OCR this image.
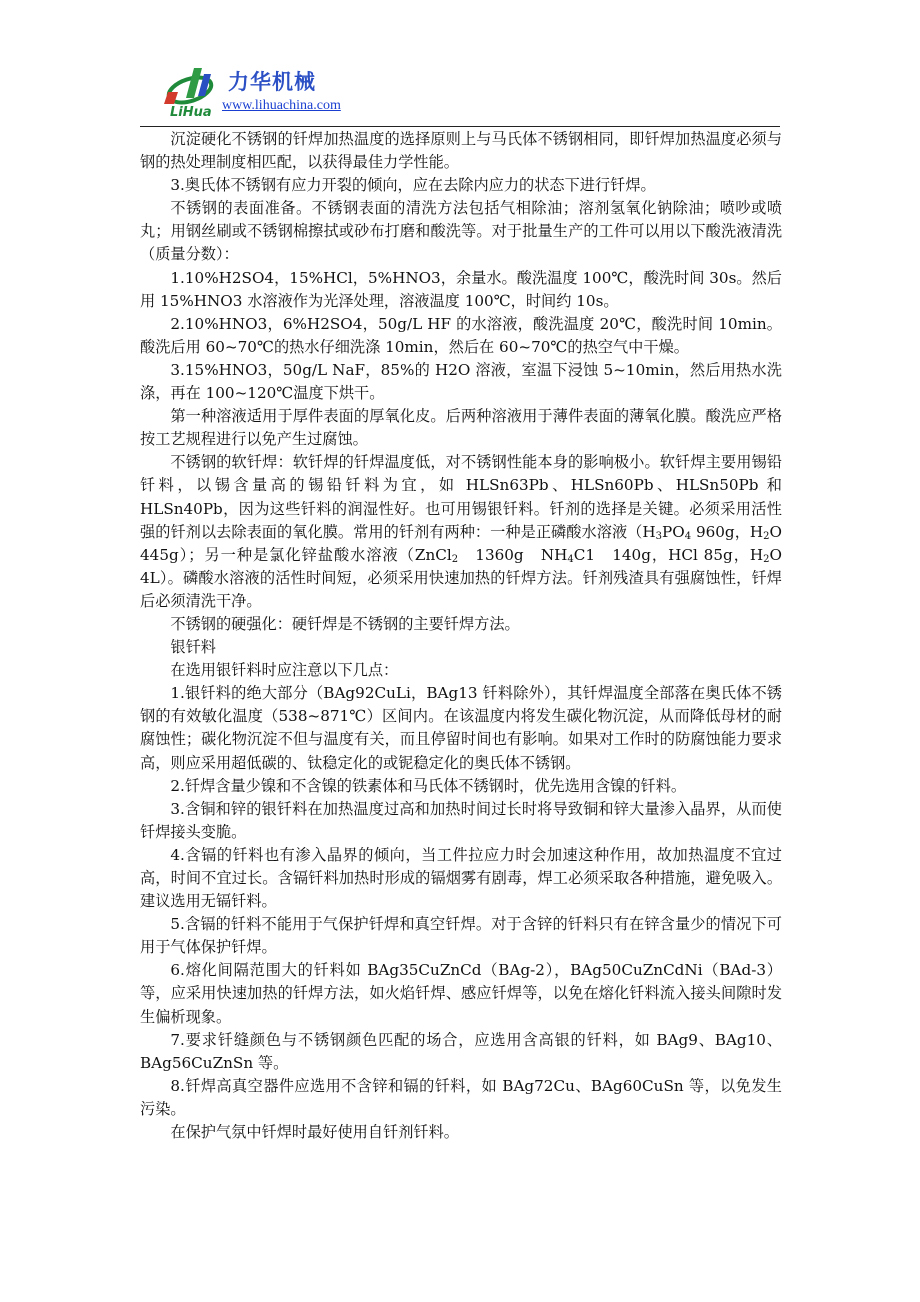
LiHua
力华机械
www.lihuachina.com

沉淀硬化不锈钢的钎焊加热温度的选择原则上与马氏体不锈钢相同，即钎焊加热温度必须与钢的热处理制度相匹配，以获得最佳力学性能。

3.奥氏体不锈钢有应力开裂的倾向，应在去除内应力的状态下进行钎焊。

不锈钢的表面准备。不锈钢表面的清洗方法包括气相除油；溶剂氢氧化钠除油；喷吵或喷丸；用钢丝刷或不锈钢棉擦拭或砂布打磨和酸洗等。对于批量生产的工件可以用以下酸洗液清洗（质量分数）：

1.10%H2SO4，15%HCl，5%HNO3，余量水。酸洗温度 100℃，酸洗时间 30s。然后用 15%HNO3 水溶液作为光泽处理，溶液温度 100℃，时间约 10s。

2.10%HNO3，6%H2SO4，50g/L HF 的水溶液，酸洗温度 20℃，酸洗时间 10min。酸洗后用 60~70℃的热水仔细洗涤 10min，然后在 60~70℃的热空气中干燥。

3.15%HNO3，50g/L NaF，85%的 H2O 溶液，室温下浸蚀 5~10min，然后用热水洗涤，再在 100~120℃温度下烘干。

第一种溶液适用于厚件表面的厚氧化皮。后两种溶液用于薄件表面的薄氧化膜。酸洗应严格按工艺规程进行以免产生过腐蚀。

不锈钢的软钎焊：软钎焊的钎焊温度低，对不锈钢性能本身的影响极小。软钎焊主要用锡铅钎料，以锡含量高的锡铅钎料为宜，如 HLSn63Pb、HLSn60Pb、HLSn50Pb 和 HLSn40Pb，因为这些钎料的润湿性好。也可用锡银钎料。钎剂的选择是关键。必须采用活性强的钎剂以去除表面的氧化膜。常用的钎剂有两种：一种是正磷酸水溶液（$H_3PO_4$ 960g，$H_2O$ 445g）；另一种是氯化锌盐酸水溶液（ZnCl$_2$　1360g　$NH_4C1$　140g，HCl 85g，$H_2O$ 4L）。磷酸水溶液的活性时间短，必须采用快速加热的钎焊方法。钎剂残渣具有强腐蚀性，钎焊后必须清洗干净。

不锈钢的硬强化：硬钎焊是不锈钢的主要钎焊方法。

银钎料

在选用银钎料时应注意以下几点：

1.银钎料的绝大部分（BAg92CuLi，BAg13 钎料除外），其钎焊温度全部落在奥氏体不锈钢的有效敏化温度（538~871℃）区间内。在该温度内将发生碳化物沉淀，从而降低母材的耐腐蚀性；碳化物沉淀不但与温度有关，而且停留时间也有影响。如果对工作时的防腐蚀能力要求高，则应采用超低碳的、钛稳定化的或铌稳定化的奥氏体不锈钢。

2.钎焊含量少镍和不含镍的铁素体和马氏体不锈钢时，优先选用含镍的钎料。

3.含铜和锌的银钎料在加热温度过高和加热时间过长时将导致铜和锌大量渗入晶界，从而使钎焊接头变脆。

4.含镉的钎料也有渗入晶界的倾向，当工件拉应力时会加速这种作用，故加热温度不宜过高，时间不宜过长。含镉钎料加热时形成的镉烟雾有剧毒，焊工必须采取各种措施，避免吸入。建议选用无镉钎料。

5.含镉的钎料不能用于气保护钎焊和真空钎焊。对于含锌的钎料只有在锌含量少的情况下可用于气体保护钎焊。

6.熔化间隔范围大的钎料如 BAg35CuZnCd（BAg-2），BAg50CuZnCdNi（BAd-3）等，应采用快速加热的钎焊方法，如火焰钎焊、感应钎焊等，以免在熔化钎料流入接头间隙时发生偏析现象。

7.要求钎缝颜色与不锈钢颜色匹配的场合，应选用含高银的钎料，如 BAg9、BAg10、BAg56CuZnSn 等。

8.钎焊高真空器件应选用不含锌和镉的钎料，如 BAg72Cu、BAg60CuSn 等，以免发生污染。

在保护气氛中钎焊时最好使用自钎剂钎料。
